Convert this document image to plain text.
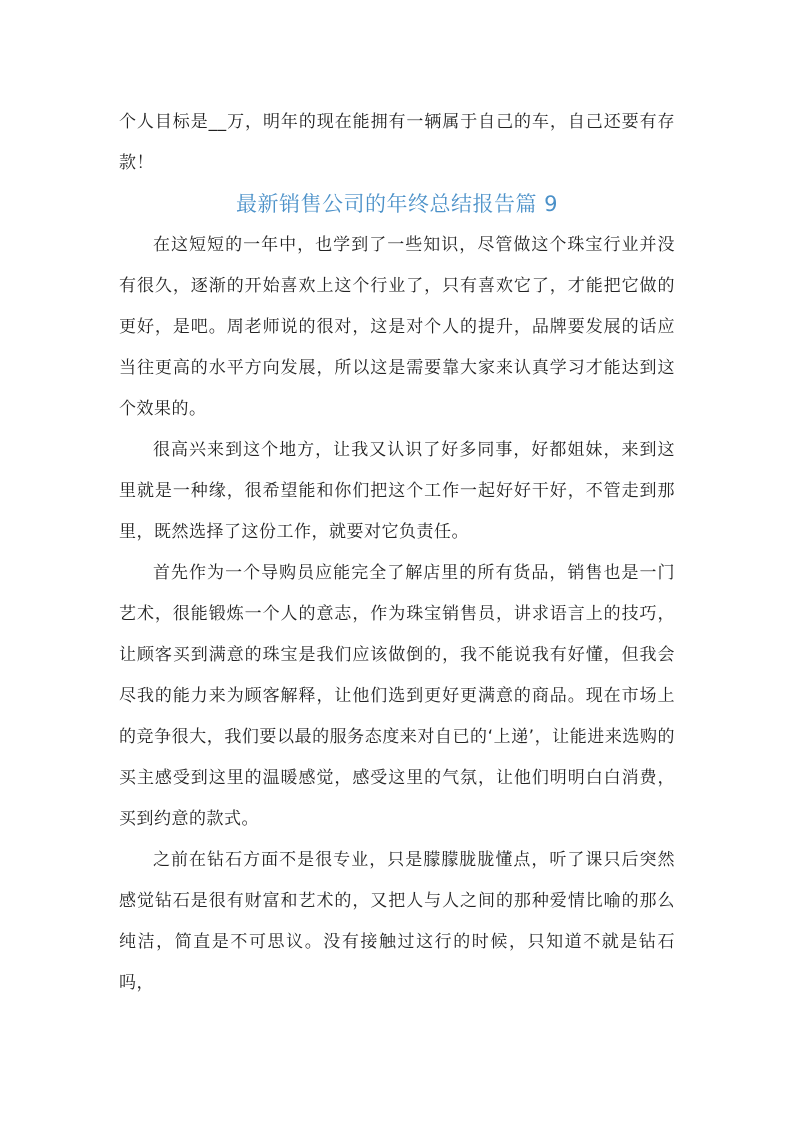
个人目标是__万，明年的现在能拥有一辆属于自己的车，自己还要有存款！

最新销售公司的年终总结报告篇 9

在这短短的一年中，也学到了一些知识，尽管做这个珠宝行业并没有很久，逐渐的开始喜欢上这个行业了，只有喜欢它了，才能把它做的更好，是吧。周老师说的很对，这是对个人的提升，品牌要发展的话应当往更高的水平方向发展，所以这是需要靠大家来认真学习才能达到这个效果的。

很高兴来到这个地方，让我又认识了好多同事，好都姐妹，来到这里就是一种缘，很希望能和你们把这个工作一起好好干好，不管走到那里，既然选择了这份工作，就要对它负责任。

首先作为一个导购员应能完全了解店里的所有货品，销售也是一门艺术，很能锻炼一个人的意志，作为珠宝销售员，讲求语言上的技巧，让顾客买到满意的珠宝是我们应该做倒的，我不能说我有好懂，但我会尽我的能力来为顾客解释，让他们选到更好更满意的商品。现在市场上的竞争很大，我们要以最的服务态度来对自已的‘上递’，让能进来选购的买主感受到这里的温暖感觉，感受这里的气氛，让他们明明白白消费，买到约意的款式。

之前在钻石方面不是很专业，只是朦朦胧胧懂点，听了课只后突然感觉钻石是很有财富和艺术的，又把人与人之间的那种爱情比喻的那么纯洁，简直是不可思议。没有接触过这行的时候，只知道不就是钻石吗，
